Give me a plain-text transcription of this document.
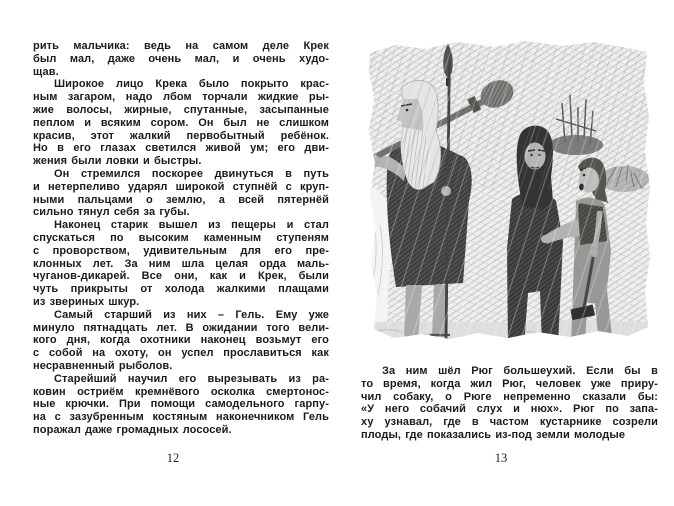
рить мальчика: ведь на самом деле Крек
был мал, даже очень мал, и очень худо-
щав.
Широкое лицо Крека было покрыто крас-
ным загаром, надо лбом торчали жидкие ры-
жие волосы, жирные, спутанные, засыпанные
пеплом и всяким сором. Он был не слишком
красив, этот жалкий первобытный ребёнок.
Но в его глазах светился живой ум; его дви-
жения были ловки и быстры.
Он стремился поскорее двинуться в путь
и нетерпеливо ударял широкой ступнёй с круп-
ными пальцами о землю, а всей пятернёй
сильно тянул себя за губы.
Наконец старик вышел из пещеры и стал
спускаться по высоким каменным ступеням
с проворством, удивительным для его пре-
клонных лет. За ним шла целая орда маль-
чуганов-дикарей. Все они, как и Крек, были
чуть прикрыты от холода жалкими плащами
из звериных шкур.
Самый старший из них – Гель. Ему уже
минуло пятнадцать лет. В ожидании того вели-
кого дня, когда охотники наконец возьмут его
с собой на охоту, он успел прославиться как
несравненный рыболов.
Старейший научил его вырезывать из ра-
ковин остриём кремнёвого осколка смертонос-
ные крючки. При помощи самодельного гарпу-
на с зазубренным костяным наконечником Гель
поражал даже громадных лососей.
12
За ним шёл Рюг большеухий. Если бы в
то время, когда жил Рюг, человек уже приру-
чил собаку, о Рюге непременно сказали бы:
«У него собачий слух и нюх». Рюг по запа-
ху узнавал, где в частом кустарнике созрели
плоды, где показались из-под земли молодые
13
